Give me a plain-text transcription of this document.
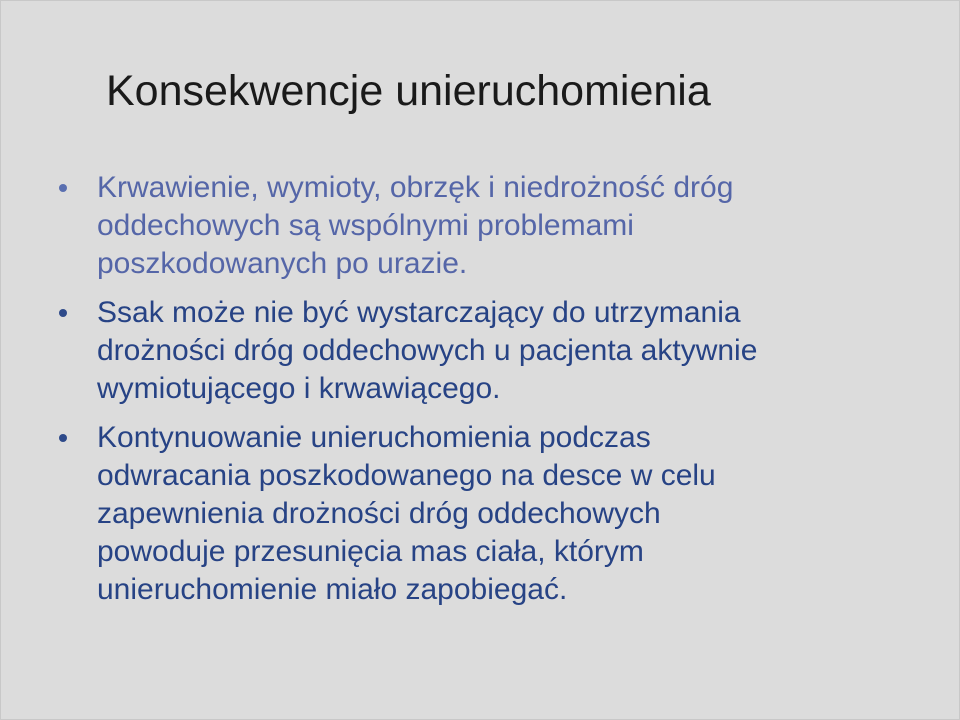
Konsekwencje unieruchomienia
Krwawienie, wymioty, obrzęk i niedrożność dróg
oddechowych są wspólnymi problemami
poszkodowanych po urazie.
Ssak może nie być wystarczający do utrzymania
drożności dróg oddechowych u pacjenta aktywnie
wymiotującego i krwawiącego.
Kontynuowanie unieruchomienia podczas
odwracania poszkodowanego na desce w celu
zapewnienia drożności dróg oddechowych
powoduje przesunięcia mas ciała, którym
unieruchomienie miało zapobiegać.
